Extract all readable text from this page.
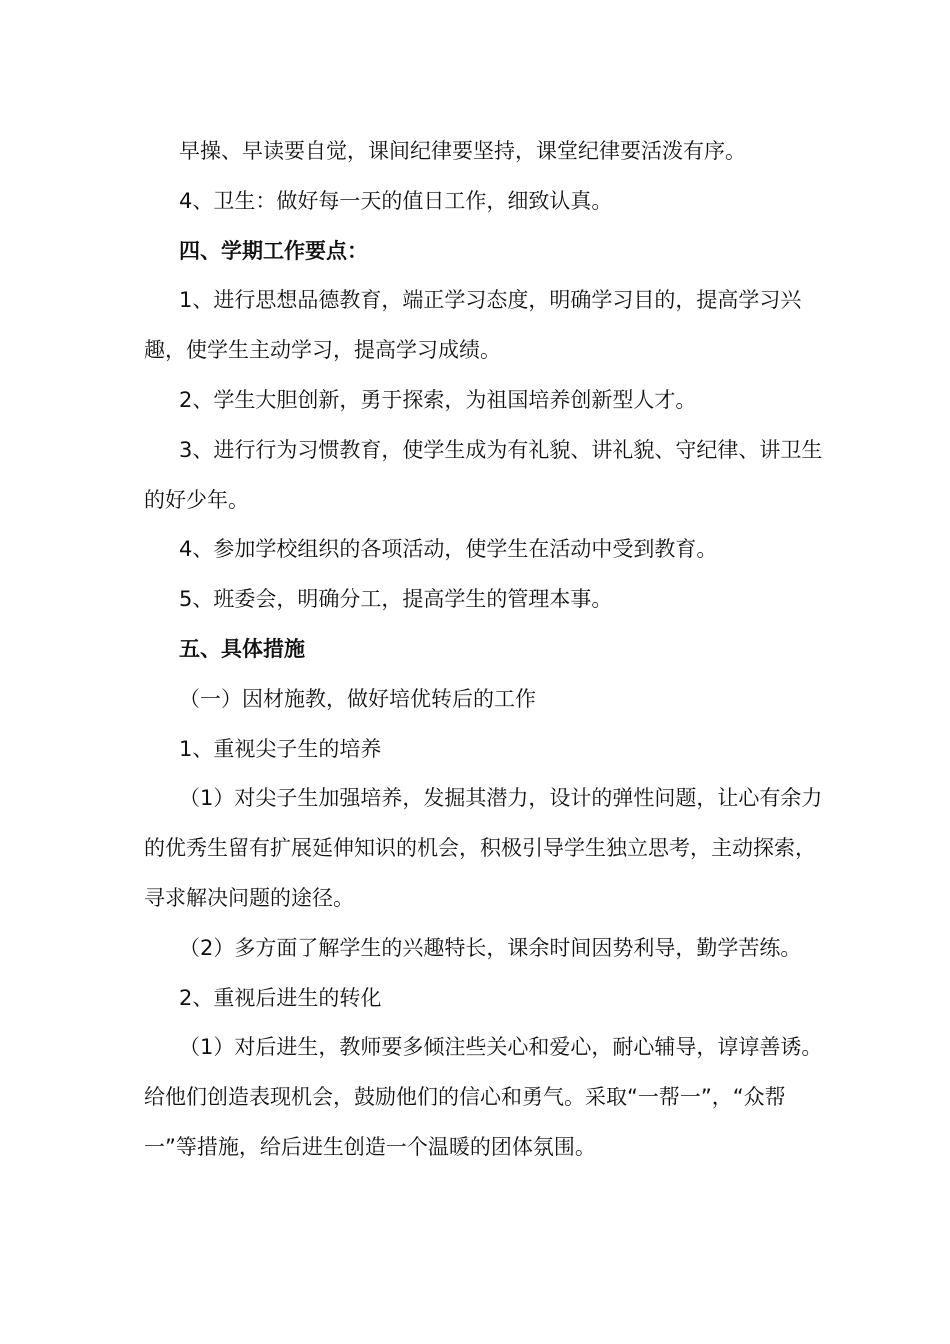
早操、早读要自觉，课间纪律要坚持，课堂纪律要活泼有序。

4、卫生：做好每一天的值日工作，细致认真。

四、学期工作要点：

1、进行思想品德教育，端正学习态度，明确学习目的，提高学习兴趣，使学生主动学习，提高学习成绩。

2、学生大胆创新，勇于探索，为祖国培养创新型人才。

3、进行行为习惯教育，使学生成为有礼貌、讲礼貌、守纪律、讲卫生的好少年。

4、参加学校组织的各项活动，使学生在活动中受到教育。

5、班委会，明确分工，提高学生的管理本事。

五、具体措施

（一）因材施教，做好培优转后的工作

1、重视尖子生的培养

（1）对尖子生加强培养，发掘其潜力，设计的弹性问题，让心有余力的优秀生留有扩展延伸知识的机会，积极引导学生独立思考，主动探索，寻求解决问题的途径。

（2）多方面了解学生的兴趣特长，课余时间因势利导，勤学苦练。

2、重视后进生的转化

（1）对后进生，教师要多倾注些关心和爱心，耐心辅导，谆谆善诱。给他们创造表现机会，鼓励他们的信心和勇气。采取“一帮一”，“众帮一”等措施，给后进生创造一个温暖的团体氛围。
